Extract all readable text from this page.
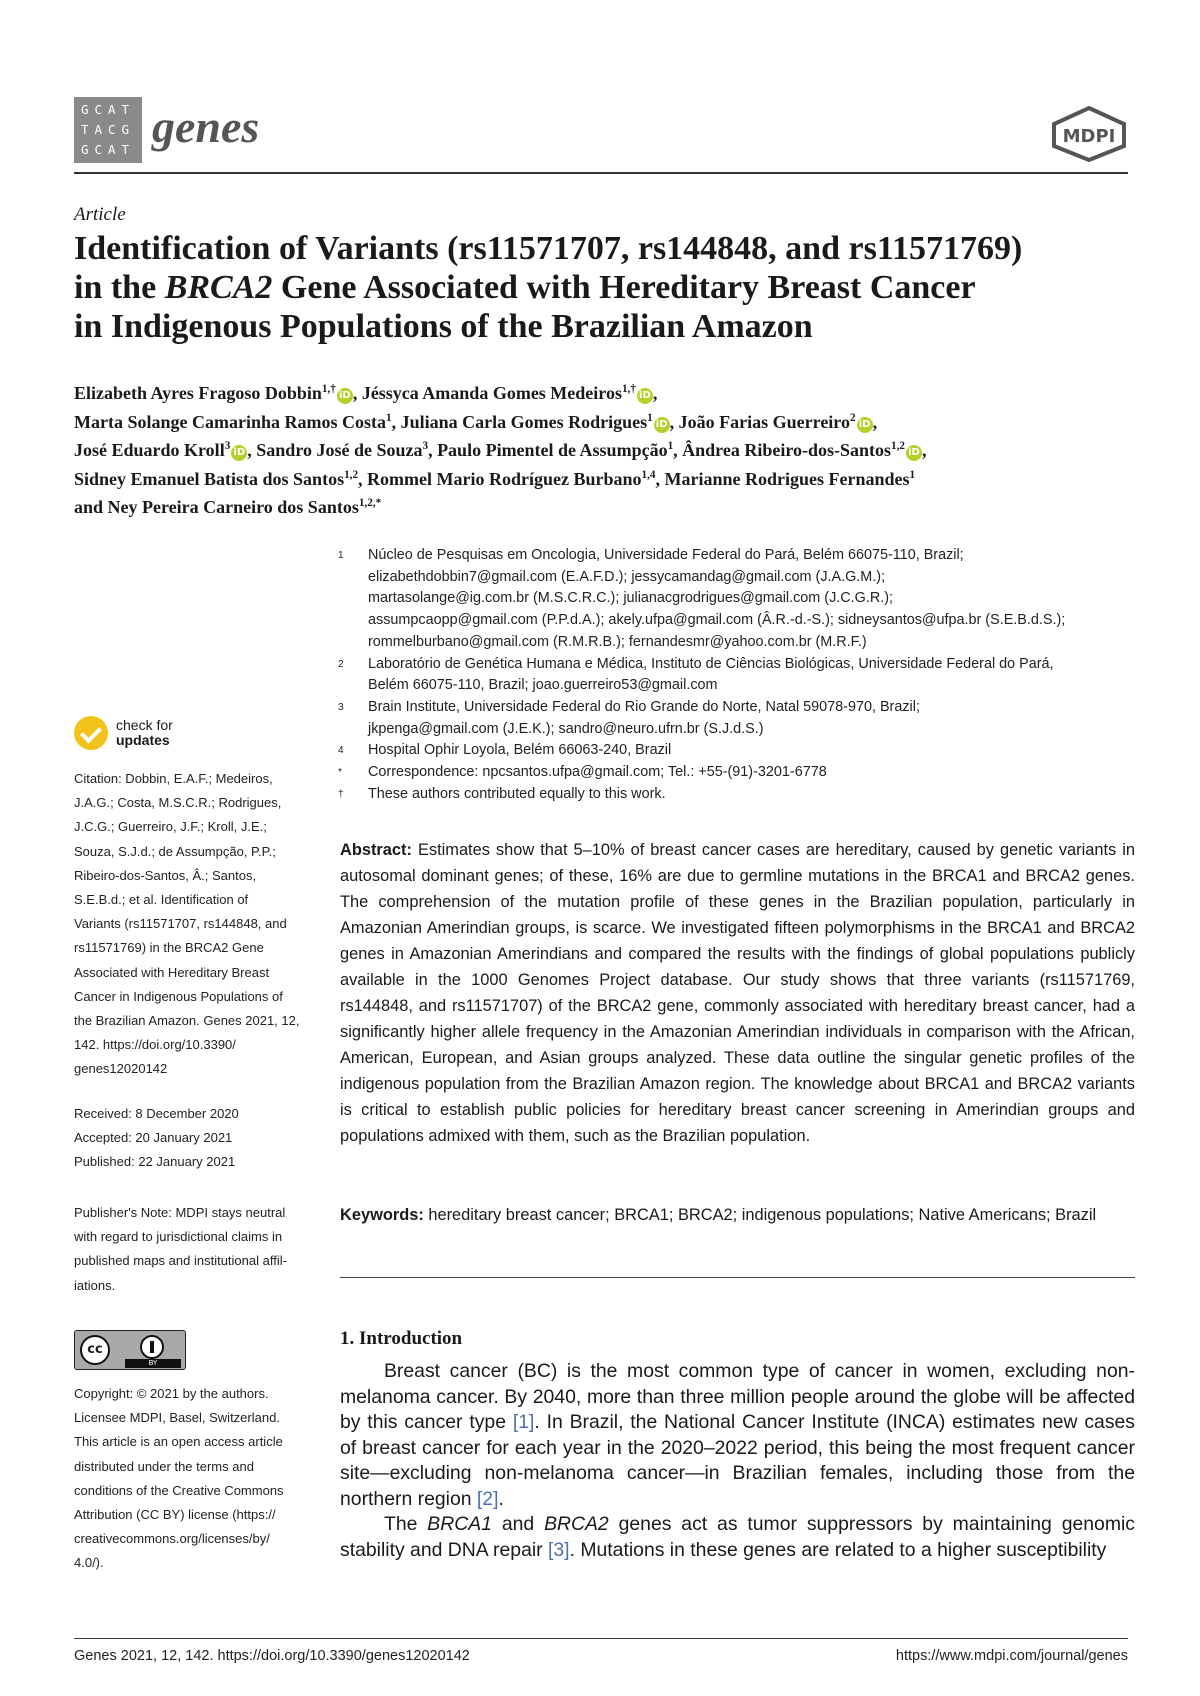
GCAT
TACG
GCAT genes	MDPI
Article
Identification of Variants (rs11571707, rs144848, and rs11571769)
in the BRCA2 Gene Associated with Hereditary Breast Cancer
in Indigenous Populations of the Brazilian Amazon
Elizabeth Ayres Fragoso Dobbin$^{1,\dagger}$iD , Jéssyca Amanda Gomes Medeiros$^{1,\dagger}$iD ,
Marta Solange Camarinha Ramos Costa$^1$, Juliana Carla Gomes Rodrigues$^1$iD , João Farias Guerreiro$^2$iD ,
José Eduardo Kroll$^3$iD , Sandro José de Souza$^3$, Paulo Pimentel de Assumpção$^1$, Ândrea Ribeiro-dos-Santos$^{1,2}$iD ,
Sidney Emanuel Batista dos Santos$^{1,2}$, Rommel Mario Rodríguez Burbano$^{1,4}$, Marianne Rodrigues Fernandes$^1$
and Ney Pereira Carneiro dos Santos$^{1,2,*}$
1 Núcleo de Pesquisas em Oncologia, Universidade Federal do Pará, Belém 66075-110, Brazil;
elizabethdobbin7@gmail.com (E.A.F.D.); jessycamandag@gmail.com (J.A.G.M.);
martasolange@ig.com.br (M.S.C.R.C.); julianacgrodrigues@gmail.com (J.C.G.R.);
assumpcaopp@gmail.com (P.P.d.A.); akely.ufpa@gmail.com (Â.R.-d.-S.); sidneysantos@ufpa.br (S.E.B.d.S.);
rommelburbano@gmail.com (R.M.R.B.); fernandesmr@yahoo.com.br (M.R.F.)
2 Laboratório de Genética Humana e Médica, Instituto de Ciências Biológicas, Universidade Federal do Pará,
Belém 66075-110, Brazil; joao.guerreiro53@gmail.com
3 Brain Institute, Universidade Federal do Rio Grande do Norte, Natal 59078-970, Brazil;
jkpenga@gmail.com (J.E.K.); sandro@neuro.ufrn.br (S.J.d.S.)
4 Hospital Ophir Loyola, Belém 66063-240, Brazil
* Correspondence: npcsantos.ufpa@gmail.com; Tel.: +55-(91)-3201-6778
† These authors contributed equally to this work.
check for
updates
Citation: Dobbin, E.A.F.; Medeiros,
J.A.G.; Costa, M.S.C.R.; Rodrigues,
J.C.G.; Guerreiro, J.F.; Kroll, J.E.;
Souza, S.J.d.; de Assumpção, P.P.;
Ribeiro-dos-Santos, Â.; Santos,
S.E.B.d.; et al. Identification of
Variants (rs11571707, rs144848, and
rs11571769) in the BRCA2 Gene
Associated with Hereditary Breast
Cancer in Indigenous Populations of
the Brazilian Amazon. Genes 2021, 12,
142. https://doi.org/10.3390/
genes12020142
Received: 8 December 2020
Accepted: 20 January 2021
Published: 22 January 2021
Publisher's Note: MDPI stays neutral
with regard to jurisdictional claims in
published maps and institutional affil-
iations.
cc
BY
Copyright: © 2021 by the authors.
Licensee MDPI, Basel, Switzerland.
This article is an open access article
distributed under the terms and
conditions of the Creative Commons
Attribution (CC BY) license (https://
creativecommons.org/licenses/by/
4.0/).
Abstract: Estimates show that 5–10% of breast cancer cases are hereditary, caused by genetic variants in autosomal dominant genes; of these, 16% are due to germline mutations in the BRCA1 and BRCA2 genes. The comprehension of the mutation profile of these genes in the Brazilian population, particularly in Amazonian Amerindian groups, is scarce. We investigated fifteen polymorphisms in the BRCA1 and BRCA2 genes in Amazonian Amerindians and compared the results with the findings of global populations publicly available in the 1000 Genomes Project database. Our study shows that three variants (rs11571769, rs144848, and rs11571707) of the BRCA2 gene, commonly associated with hereditary breast cancer, had a significantly higher allele frequency in the Amazonian Amerindian individuals in comparison with the African, American, European, and Asian groups analyzed. These data outline the singular genetic profiles of the indigenous population from the Brazilian Amazon region. The knowledge about BRCA1 and BRCA2 variants is critical to establish public policies for hereditary breast cancer screening in Amerindian groups and populations admixed with them, such as the Brazilian population.
Keywords: hereditary breast cancer; BRCA1; BRCA2; indigenous populations; Native Americans; Brazil
1. Introduction

Breast cancer (BC) is the most common type of cancer in women, excluding non-melanoma cancer. By 2040, more than three million people around the globe will be affected by this cancer type [1]. In Brazil, the National Cancer Institute (INCA) estimates new cases of breast cancer for each year in the 2020–2022 period, this being the most frequent cancer site—excluding non-melanoma cancer—in Brazilian females, including those from the northern region [2].

The BRCA1 and BRCA2 genes act as tumor suppressors by maintaining genomic stability and DNA repair [3]. Mutations in these genes are related to a higher susceptibility

Genes 2021, 12, 142. https://doi.org/10.3390/genes12020142	https://www.mdpi.com/journal/genes
